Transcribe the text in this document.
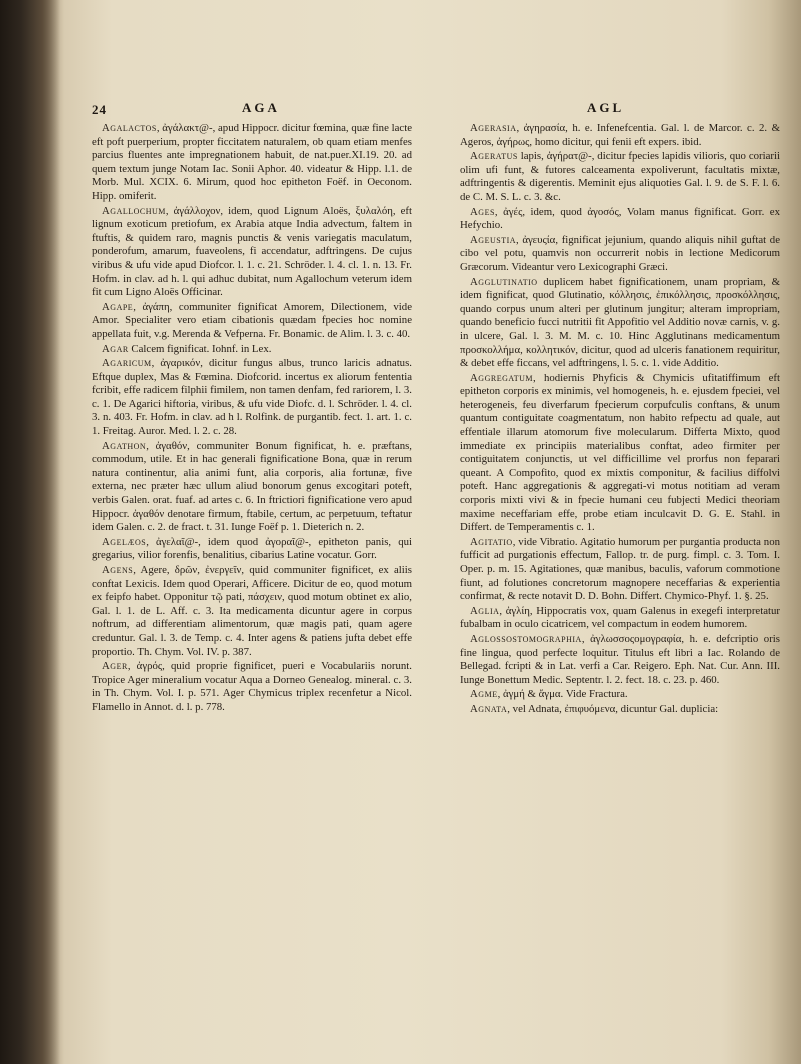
24	AGA	AGL

Agalactos, ἀγάλακτ@-, apud Hippocr. dicitur fœmina, quæ fine lacte eft poft puerperium, propter ficcitatem naturalem, ob quam etiam menfes parcius fluentes ante impregnationem habuit, de nat.puer.XI.19. 20. ad quem textum junge Notam Iac. Sonii Aphor. 40. videatur & Hipp. l.1. de Morb. Mul. XCIX. 6. Mirum, quod hoc epitheton Foëf. in Oeconom. Hipp. omiferit.

Agallochum, ἀγάλλοχον, idem, quod Lignum Aloës, ξυλαλόη, eft lignum exoticum pretiofum, ex Arabia atque India advectum, faltem in ftuftis, & quidem raro, magnis punctis & venis variegatis maculatum, ponderofum, amarum, fuaveolens, fi accendatur, adftringens. De cujus viribus & ufu vide apud Diofcor. l. 1. c. 21. Schröder. l. 4. cl. 1. n. 13. Fr. Hofm. in clav. ad h. l. qui adhuc dubitat, num Agallochum veterum idem fit cum Ligno Aloës Officinar.

Agape, ἀγάπη, communiter fignificat Amorem, Dilectionem, vide Amor. Specialiter vero etiam cibationis quædam fpecies hoc nomine appellata fuit, v.g. Merenda & Vefperna. Fr. Bonamic. de Alim. l. 3. c. 40.

Agar Calcem fignificat. Iohnf. in Lex.

Agaricum, ἀγαρικόν, dicitur fungus albus, trunco laricis adnatus. Eftque duplex, Mas & Fœmina. Diofcorid. incertus ex aliorum fententia fcribit, effe radicem filphii fimilem, non tamen denfam, fed rariorem, l. 3. c. 1. De Agarici hiftoria, viribus, & ufu vide Diofc. d. l. Schröder. l. 4. cl. 3. n. 403. Fr. Hofm. in clav. ad h l. Rolfink. de purgantib. fect. 1. art. 1. c. 1. Freitag. Auror. Med. l. 2. c. 28.

Agathon, ἀγαθόν, communiter Bonum fignificat, h. e. præftans, commodum, utile. Et in hac generali fignificatione Bona, quæ in rerum natura continentur, alia animi funt, alia corporis, alia fortunæ, five externa, nec præter hæc ullum aliud bonorum genus excogitari poteft, verbis Galen. orat. fuaf. ad artes c. 6. In ftrictiori fignificatione vero apud Hippocr. ἀγαθόν denotare firmum, ftabile, certum, ac perpetuum, teftatur idem Galen. c. 2. de fract. t. 31. Iunge Foëf p. 1. Dieterich n. 2.

Agelæos, ἀγελαῖ@-, idem quod ἀγοραῖ@-, epitheton panis, qui gregarius, vilior forenfis, benalitius, cibarius Latine vocatur. Gorr.

Agens, Agere, δρῶν, ἐνεργεῖν, quid communiter fignificet, ex aliis conftat Lexicis. Idem quod Operari, Afficere. Dicitur de eo, quod motum ex feipfo habet. Opponitur τῷ pati, πάσχειν, quod motum obtinet ex alio, Gal. l. 1. de L. Aff. c. 3. Ita medicamenta dicuntur agere in corpus noftrum, ad differentiam alimentorum, quæ magis pati, quam agere creduntur. Gal. l. 3. de Temp. c. 4. Inter agens & patiens jufta debet effe proportio. Th. Chym. Vol. IV. p. 387.

Ager, ἀγρός, quid proprie fignificet, pueri e Vocabulariis norunt. Tropice Ager mineralium vocatur Aqua a Dorneo Genealog. mineral. c. 3. in Th. Chym. Vol. I. p. 571. Ager Chymicus triplex recenfetur a Nicol. Flamello in Annot. d. l. p. 778.

Agerasia, ἀγηρασία, h. e. Infenefcentia. Gal. l. de Marcor. c. 2. & Ageros, ἀγήρως, homo dicitur, qui fenii eft expers. ibid.

Ageratus lapis, ἀγήρατ@-, dicitur fpecies lapidis vilioris, quo coriarii olim ufi funt, & futores calceamenta expoliverunt, facultatis mixtæ, adftringentis & digerentis. Meminit ejus aliquoties Gal. l. 9. de S. F. l. 6. de C. M. S. L. c. 3. &c.

Ages, ἀγές, idem, quod ἀγοσός, Volam manus fignificat. Gorr. ex Hefychio.

Ageustia, ἀγευςία, fignificat jejunium, quando aliquis nihil guftat de cibo vel potu, quamvis non occurrerit nobis in lectione Medicorum Græcorum. Videantur vero Lexicographi Græci.

Agglutinatio duplicem habet fignificationem, unam propriam, & idem fignificat, quod Glutinatio, κόλλησις, ἐπικόλλησις, προσκόλλησις, quando corpus unum alteri per glutinum jungitur; alteram impropriam, quando beneficio fucci nutritii fit Appofitio vel Additio novæ carnis, v. g. in ulcere, Gal. l. 3. M. M. c. 10. Hinc Agglutinans medicamentum προσκολλήμα, κολλητικόν, dicitur, quod ad ulceris fanationem requiritur, & debet effe ficcans, vel adftringens, l. 5. c. 1. vide Additio.

Aggregatum, hodiernis Phyficis & Chymicis ufitatiffimum eft epitheton corporis ex minimis, vel homogeneis, h. e. ejusdem fpeciei, vel heterogeneis, feu diverfarum fpecierum corpufculis conftans, & unum quantum contiguitate coagmentatum, non habito refpectu ad quale, aut effentiale illarum atomorum five molecularum. Differta Mixto, quod immediate ex principiis materialibus conftat, adeo firmiter per contiguitatem conjunctis, ut vel difficillime vel prorfus non feparari queant. A Compofito, quod ex mixtis componitur, & facilius diffolvi poteft. Hanc aggregationis & aggregati-vi motus notitiam ad veram corporis mixti vivi & in fpecie humani ceu fubjecti Medici theoriam maxime neceffariam effe, probe etiam inculcavit D. G. E. Stahl. in Differt. de Temperamentis c. 1.

Agitatio, vide Vibratio. Agitatio humorum per purgantia producta non fufficit ad purgationis effectum, Fallop. tr. de purg. fimpl. c. 3. Tom. I. Oper. p. m. 15. Agitationes, quæ manibus, baculis, vaforum commotione fiunt, ad folutiones concretorum magnopere neceffarias & experientia confirmat, & recte notavit D. D. Bohn. Differt. Chymico-Phyf. 1. §. 25.

Aglia, ἀγλίη, Hippocratis vox, quam Galenus in exegefi interpretatur fubalbam in oculo cicatricem, vel compactum in eodem humorem.

Aglossostomographia, ἀγλωσσοςομογραφία, h. e. defcriptio oris fine lingua, quod perfecte loquitur. Titulus eft libri a Iac. Rolando de Bellegad. fcripti & in Lat. verfi a Car. Reigero. Eph. Nat. Cur. Ann. III. Iunge Bonettum Medic. Septentr. l. 2. fect. 18. c. 23. p. 460.

Agme, ἀγμή & ἄγμα. Vide Fractura.

Agnata, vel Adnata, ἐπιφυόμενα, dicuntur Gal. duplicia:
